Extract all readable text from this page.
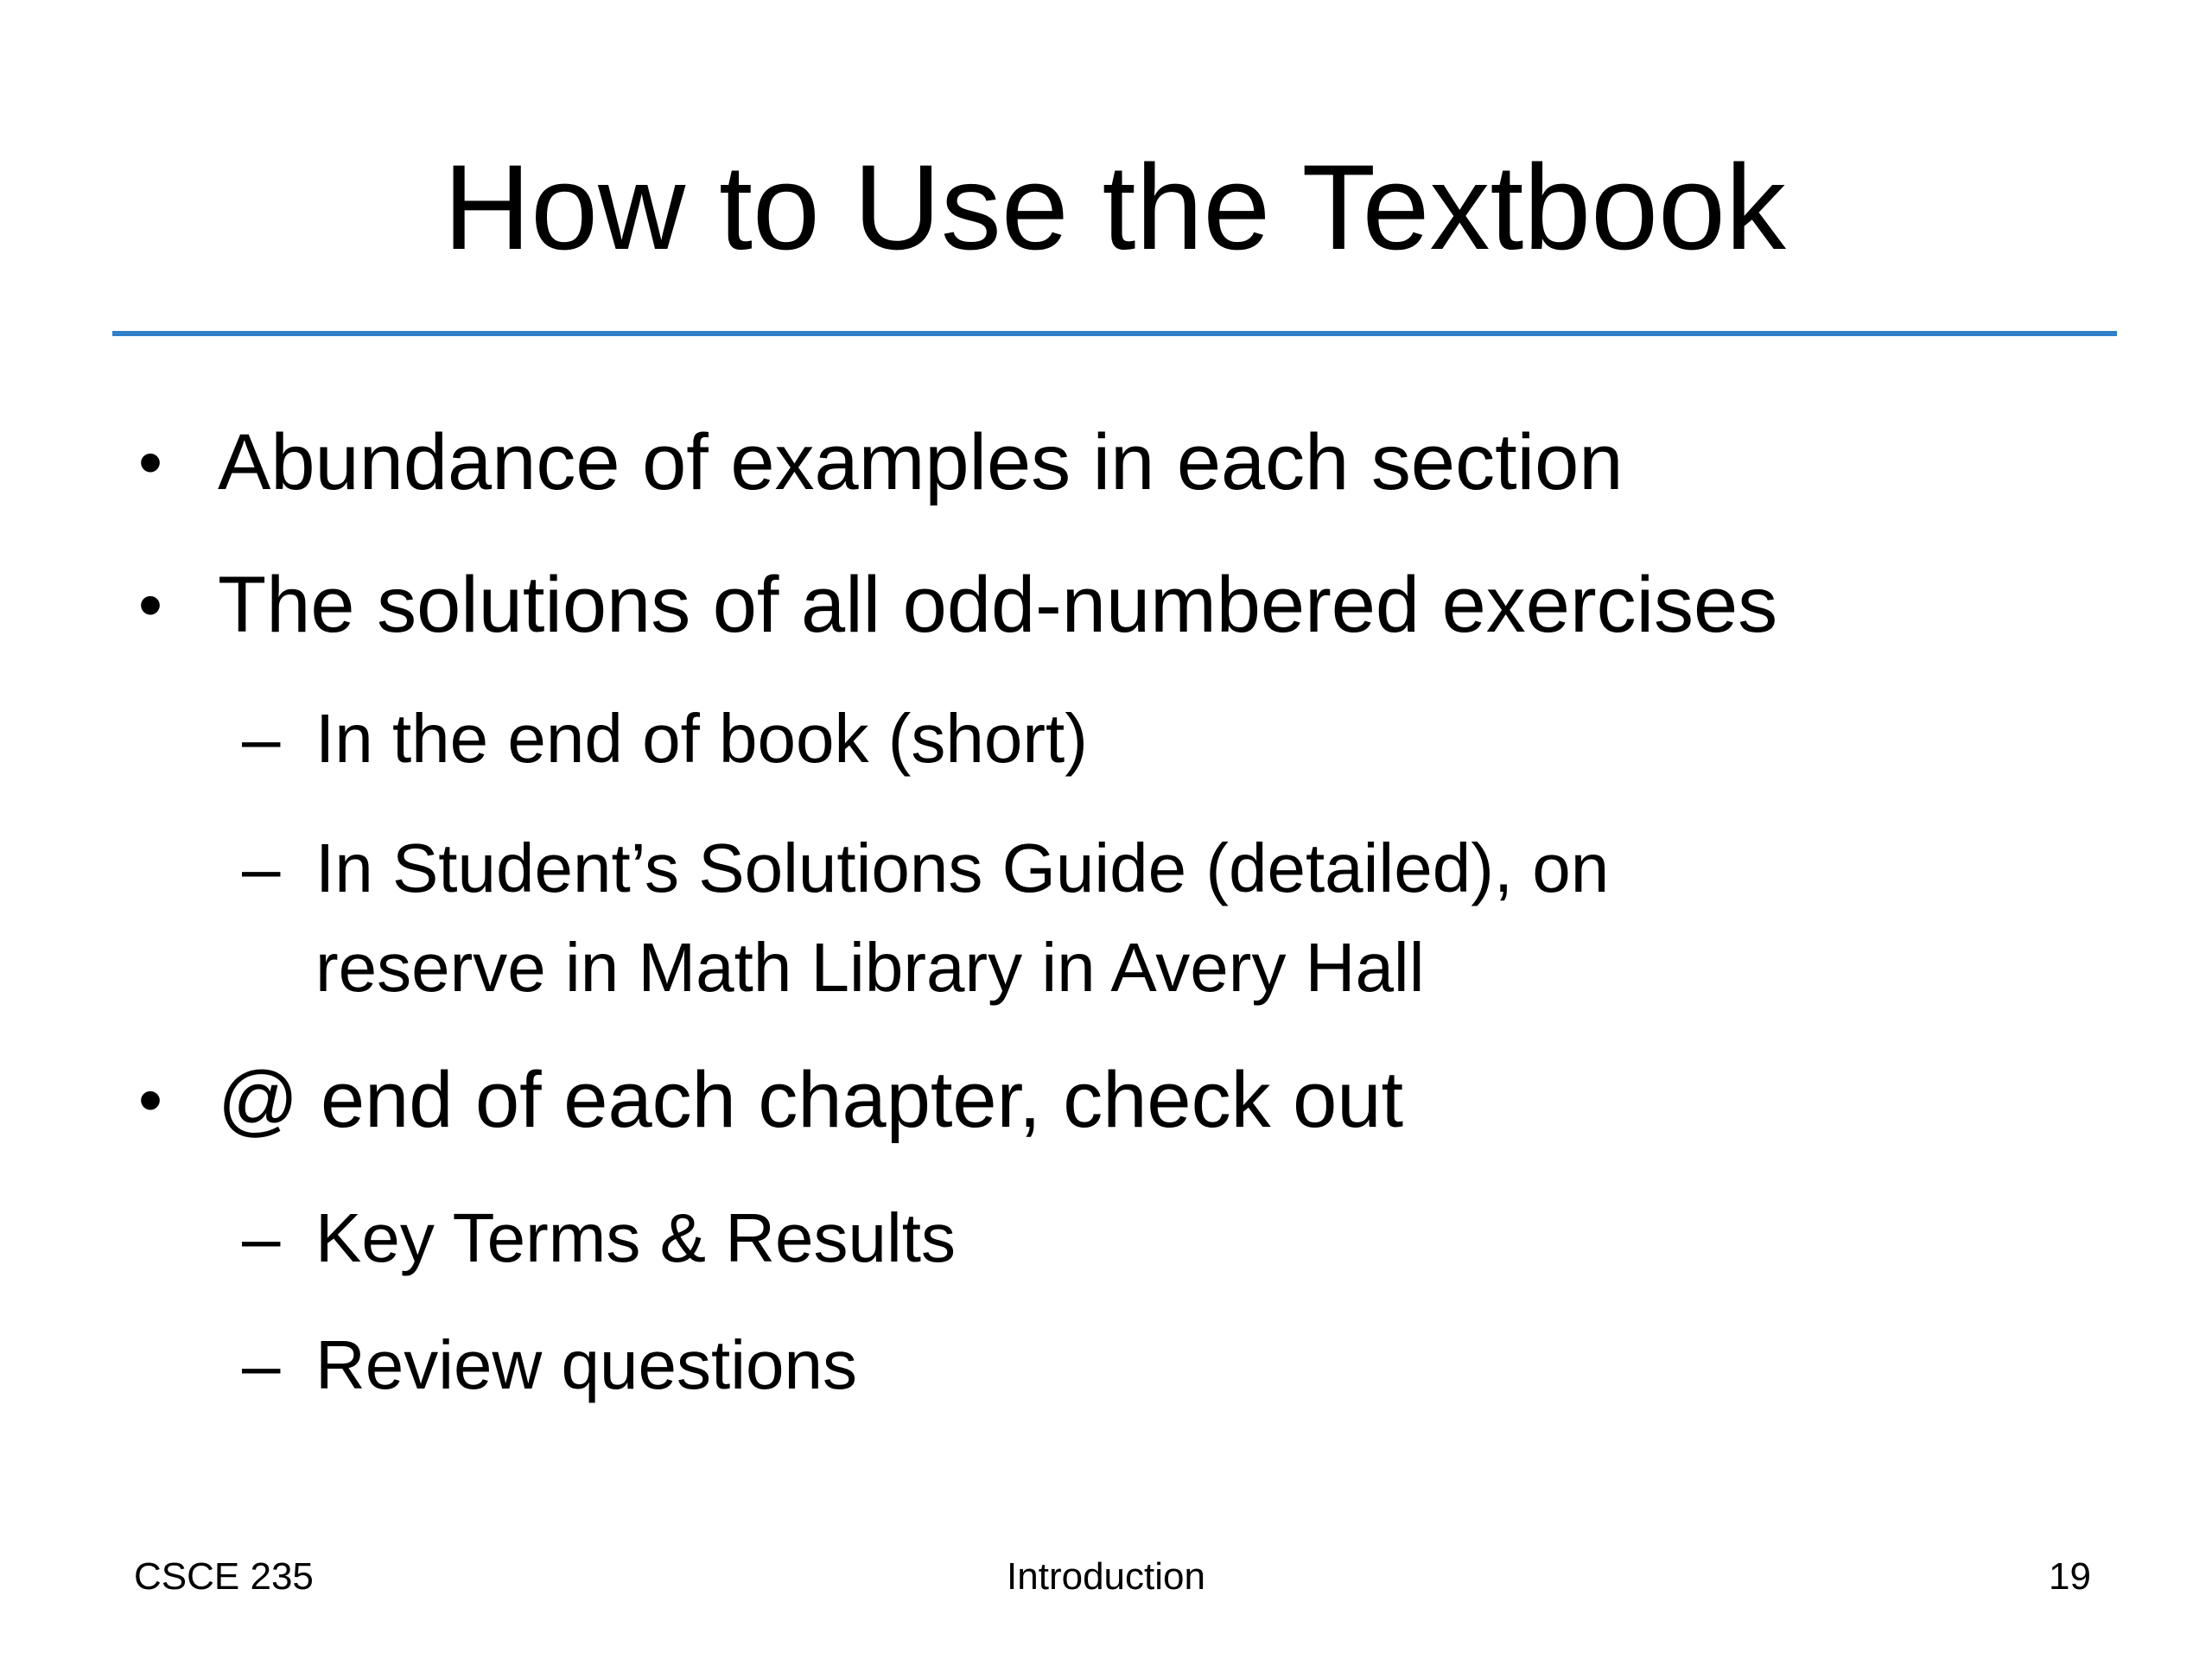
How to Use the Textbook
• Abundance of examples in each section
• The solutions of all odd-numbered exercises
– In the end of book (short)
– In Student’s Solutions Guide (detailed), on
reserve in Math Library in Avery Hall
• @ end of each chapter, check out
– Key Terms & Results
– Review questions
CSCE 235	Introduction	19
